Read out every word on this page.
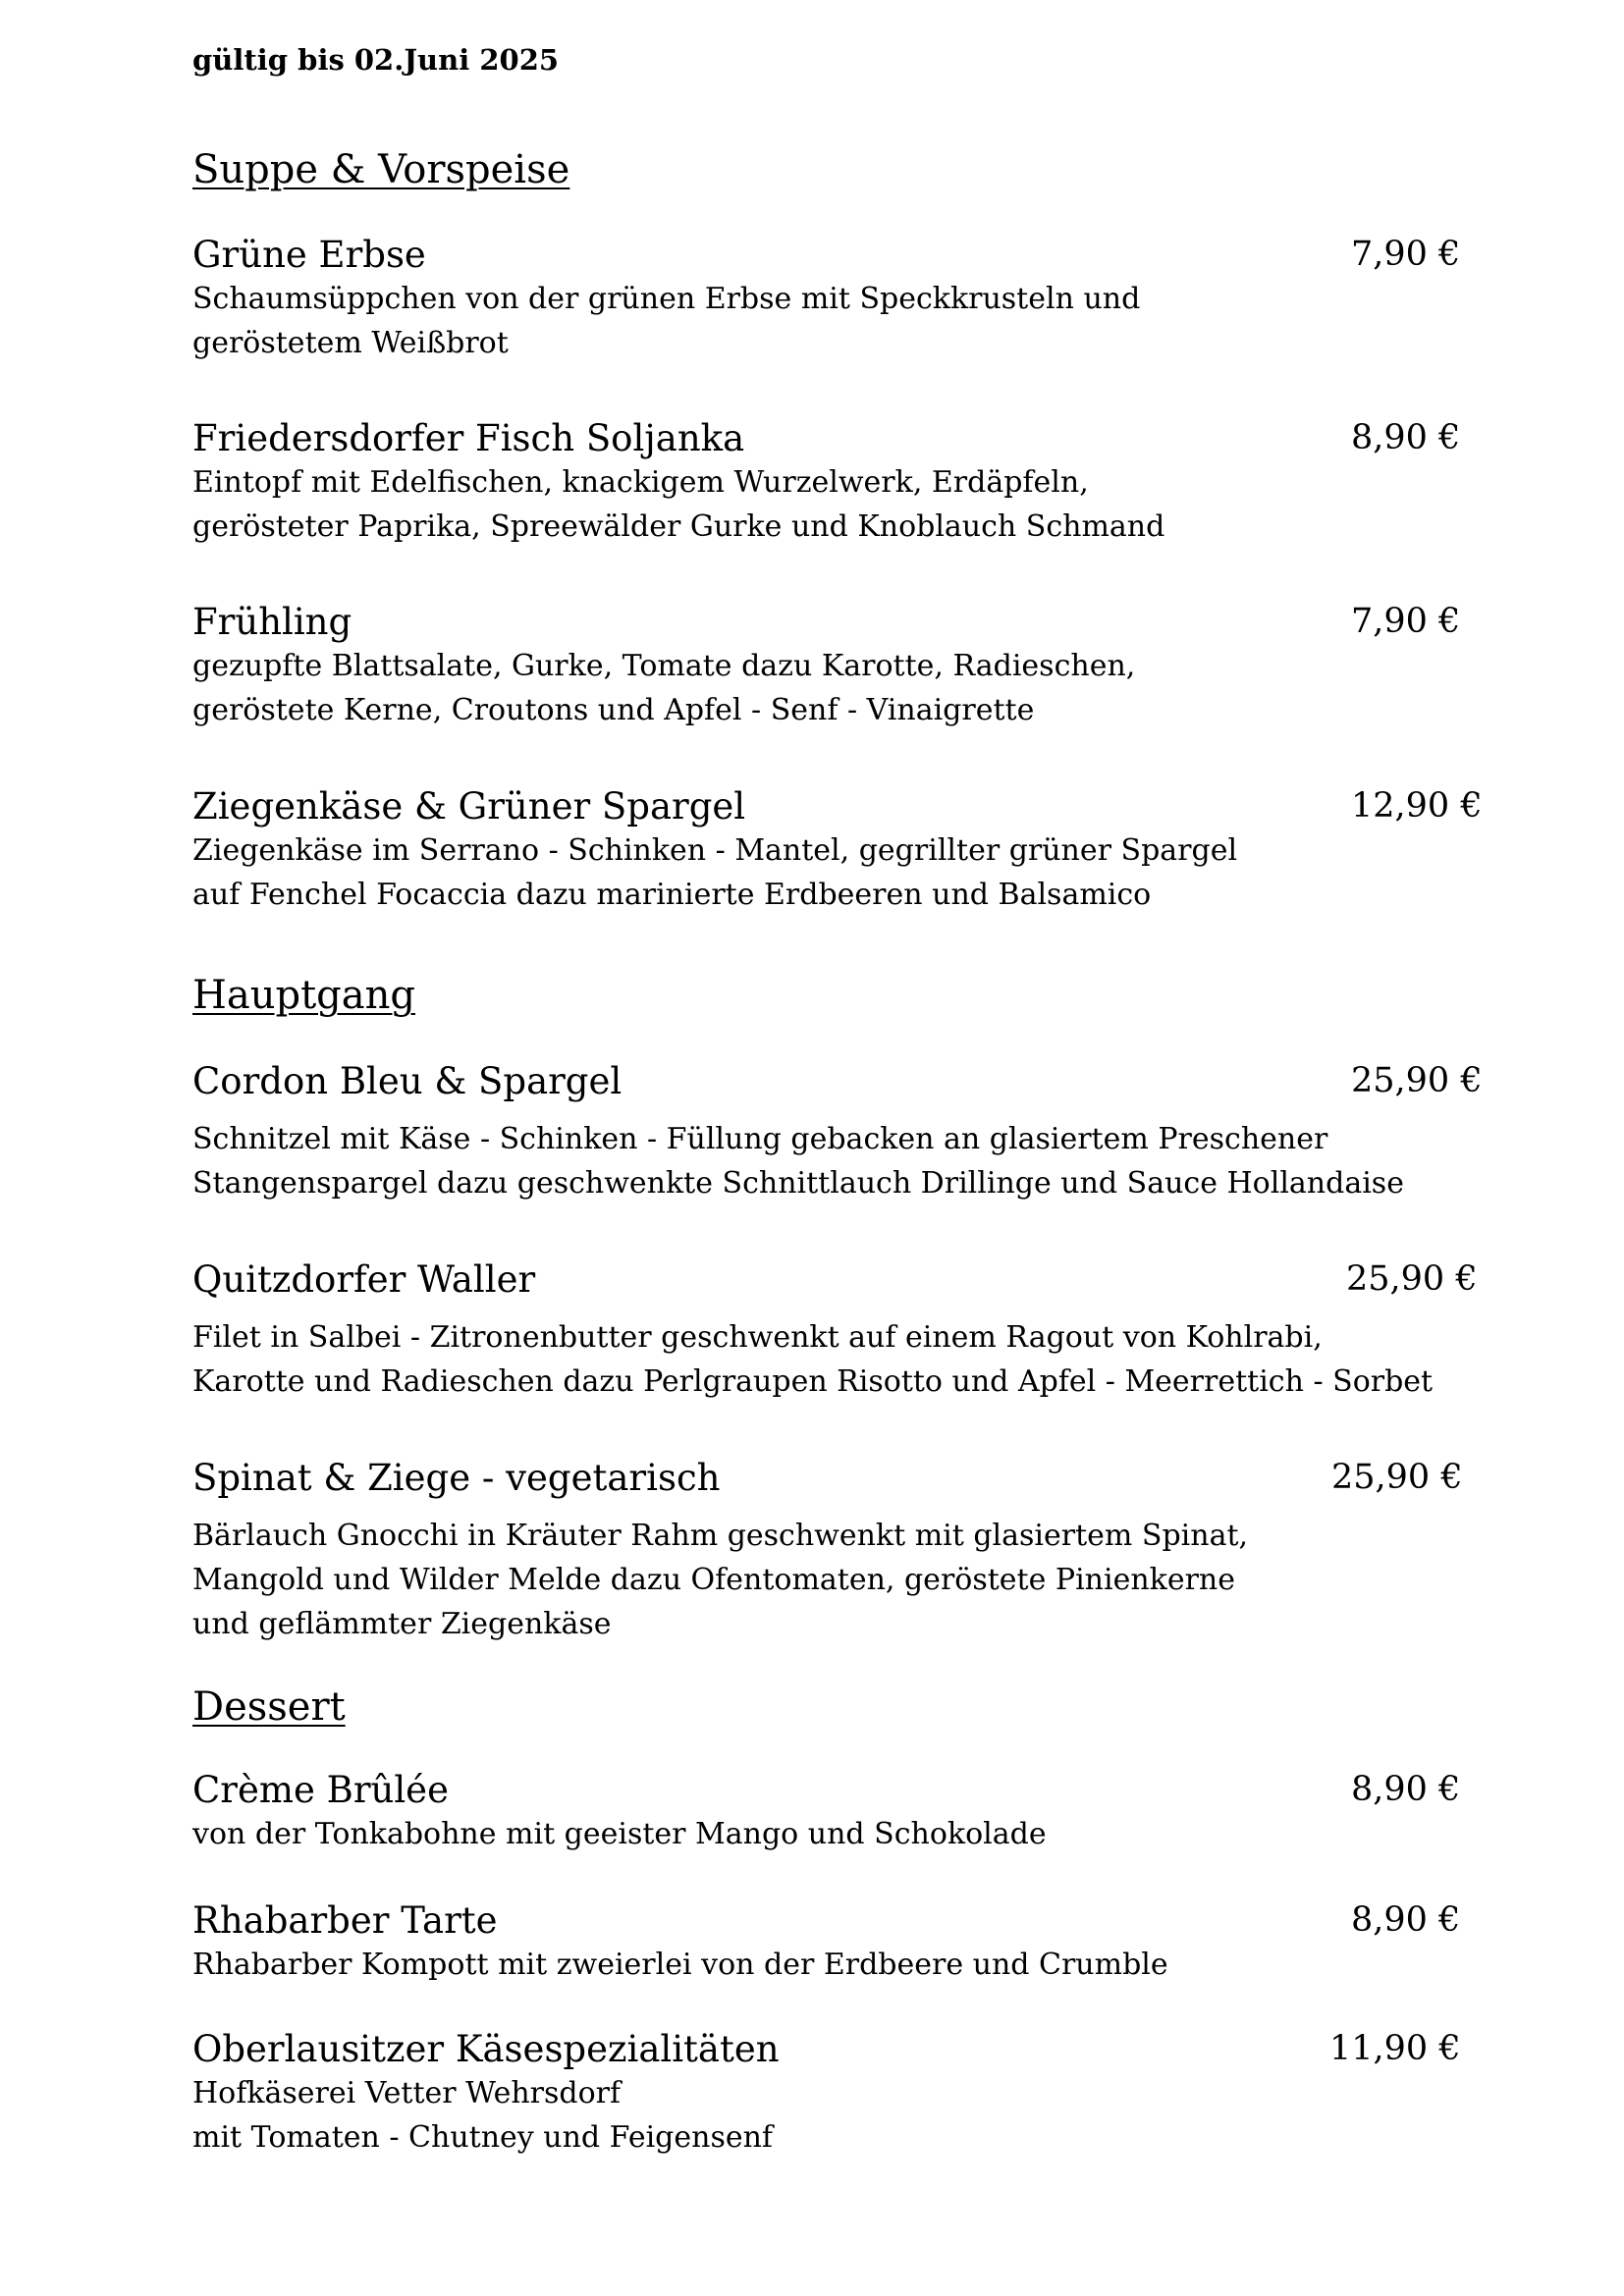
gültig bis 02.Juni 2025

Suppe & Vorspeise
Grüne Erbse	7,90 €
Schaumsüppchen von der grünen Erbse mit Speckkrusteln und
geröstetem Weißbrot
Friedersdorfer Fisch Soljanka	8,90 €
Eintopf mit Edelfischen, knackigem Wurzelwerk, Erdäpfeln,
gerösteter Paprika, Spreewälder Gurke und Knoblauch Schmand
Frühling	7,90 €
gezupfte Blattsalate, Gurke, Tomate dazu Karotte, Radieschen,
geröstete Kerne, Croutons und Apfel - Senf - Vinaigrette
Ziegenkäse & Grüner Spargel	12,90 €
Ziegenkäse im Serrano - Schinken - Mantel, gegrillter grüner Spargel
auf Fenchel Focaccia dazu marinierte Erdbeeren und Balsamico
Hauptgang
Cordon Bleu & Spargel	25,90 €
Schnitzel mit Käse - Schinken - Füllung gebacken an glasiertem Preschener
Stangenspargel dazu geschwenkte Schnittlauch Drillinge und Sauce Hollandaise
Quitzdorfer Waller	25,90 €
Filet in Salbei - Zitronenbutter geschwenkt auf einem Ragout von Kohlrabi,
Karotte und Radieschen dazu Perlgraupen Risotto und Apfel - Meerrettich - Sorbet
Spinat & Ziege - vegetarisch	25,90 €
Bärlauch Gnocchi in Kräuter Rahm geschwenkt mit glasiertem Spinat,
Mangold und Wilder Melde dazu Ofentomaten, geröstete Pinienkerne
und geflämmter Ziegenkäse
Dessert
Crème Brûlée	8,90 €
von der Tonkabohne mit geeister Mango und Schokolade
Rhabarber Tarte	8,90 €
Rhabarber Kompott mit zweierlei von der Erdbeere und Crumble
Oberlausitzer Käsespezialitäten	11,90 €
Hofkäserei Vetter Wehrsdorf
mit Tomaten - Chutney und Feigensenf
